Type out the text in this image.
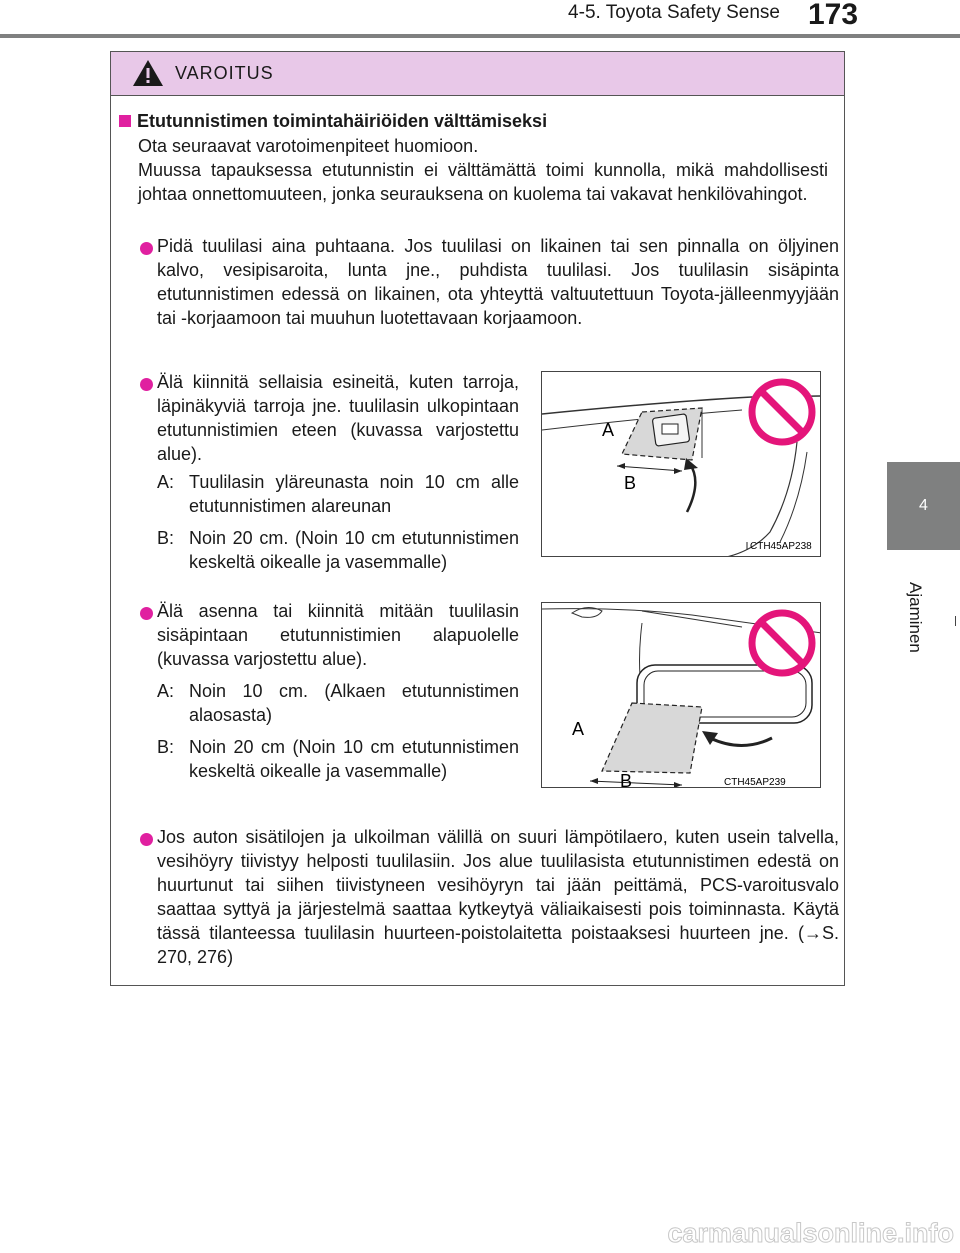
4-5. Toyota Safety Sense 173
4
Ajaminen
VAROITUS
Etutunnistimen toimintahäiriöiden välttämiseksi
Ota seuraavat varotoimenpiteet huomioon.
Muussa tapauksessa etutunnistin ei välttämättä toimi kunnolla, mikä mahdollisesti johtaa onnettomuuteen, jonka seurauksena on kuolema tai vakavat henkilövahingot.
Pidä tuulilasi aina puhtaana. Jos tuulilasi on likainen tai sen pinnalla on öljyinen kalvo, vesipisaroita, lunta jne., puhdista tuulilasi. Jos tuulilasin sisäpinta etutunnistimen edessä on likainen, ota yhteyttä valtuutettuun Toyota-jälleenmyyjään tai -korjaamoon tai muuhun luotettavaan korjaamoon.
Älä kiinnitä sellaisia esineitä, kuten tarroja, läpinäkyviä tarroja jne. tuulilasin ulkopintaan etutunnistimien eteen (kuvassa varjostettu alue).
A: Tuulilasin yläreunasta noin 10 cm alle etutunnistimen alareunan
B: Noin 20 cm. (Noin 10 cm etutunnistimen keskeltä oikealle ja vasemmalle)
A
B
CTH45AP238
Älä asenna tai kiinnitä mitään tuulilasin sisäpintaan etutunnistimien alapuolelle (kuvassa varjostettu alue).
A: Noin 10 cm. (Alkaen etutunnistimen alaosasta)
B: Noin 20 cm (Noin 10 cm etutunnistimen keskeltä oikealle ja vasemmalle)
A
B	CTH45AP239
Jos auton sisätilojen ja ulkoilman välillä on suuri lämpötilaero, kuten usein talvella, vesihöyry tiivistyy helposti tuulilasiin. Jos alue tuulilasista etutunnistimen edestä on huurtunut tai siihen tiivistyneen vesihöyryn tai jään peittämä, PCS-varoitusvalo saattaa syttyä ja järjestelmä saattaa kytkeytyä väliaikaisesti pois toiminnasta. Käytä tässä tilanteessa tuulilasin huurteen-poistolaitetta poistaaksesi huurteen jne. (→S. 270, 276)
carmanualsonline.info
